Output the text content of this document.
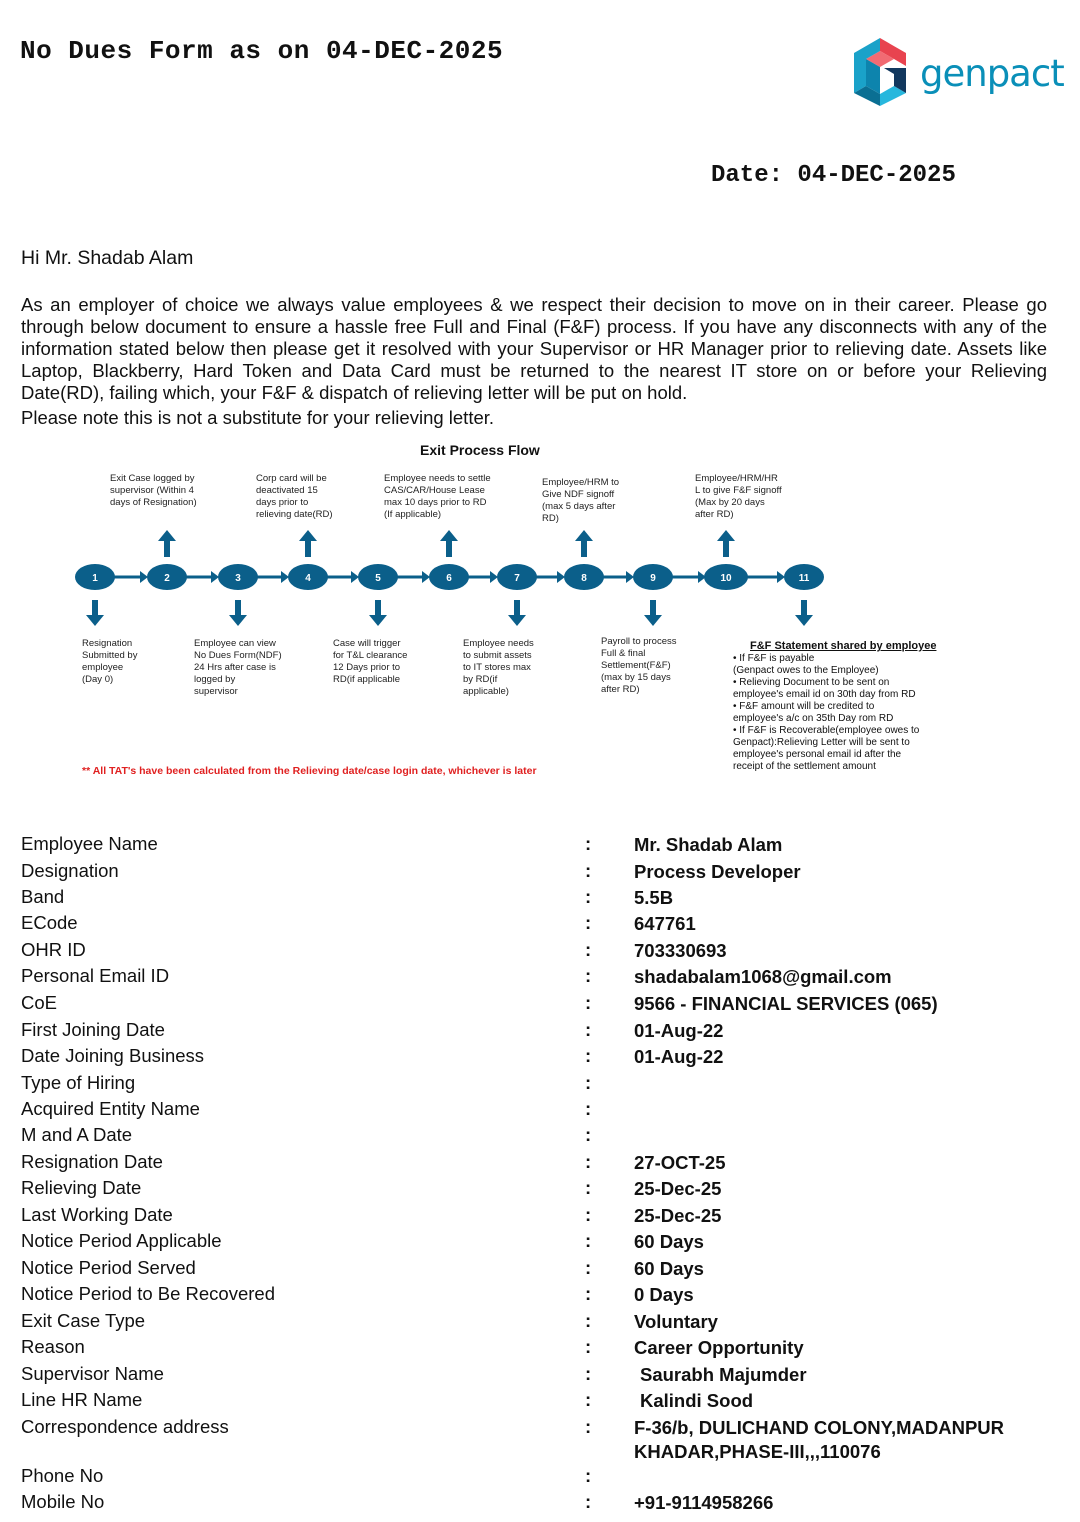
No Dues Form as on 04-DEC-2025
genpact
Date: 04-DEC-2025
Hi Mr. Shadab Alam
As an employer of choice we always value employees & we respect their decision to move on in their career. Please go through below document to ensure a hassle free Full and Final (F&F) process. If you have any disconnects with any of the information stated below then please get it resolved with your Supervisor or HR Manager prior to relieving date. Assets like Laptop, Blackberry, Hard Token and Data Card must be returned to the nearest IT store on or before your Relieving Date(RD), failing which, your F&F & dispatch of relieving letter will be put on hold.
Please note this is not a substitute for your relieving letter.
Exit Process Flow
1	2	3	4	5	6	7	8	9	10	11
Exit Case logged by
supervisor (Within 4
days of Resignation)
Corp card will be
deactivated 15
days prior to
relieving date(RD)
Employee needs to settle
CAS/CAR/House Lease
max 10 days prior to RD
(If applicable)
Employee/HRM to
Give NDF signoff
(max 5 days after
RD)
Employee/HRM/HR
L to give F&F signoff
(Max by 20 days
after RD)
Resignation
Submitted by
employee
(Day 0)
Employee can view
No Dues Form(NDF)
24 Hrs after case is
logged by
supervisor
Case will trigger
for T&L clearance
12 Days prior to
RD(if applicable
Employee needs
to submit assets
to IT stores max
by RD(if
applicable)
Payroll to process
Full & final
Settlement(F&F)
(max by 15 days
after RD)
F&F Statement shared by employee
• If F&F is payable
(Genpact owes to the Employee)
• Relieving Document to be sent on
employee's email id on 30th day from RD
• F&F amount will be credited to
employee's a/c on 35th Day rom RD
• If F&F is Recoverable(employee owes to
Genpact):Relieving Letter will be sent to
employee's personal email id after the
receipt of the settlement amount
** All TAT's have been calculated from the Relieving date/case login date, whichever is later
Employee Name	: Mr. Shadab Alam
Designation	: Process Developer
Band	: 5.5B
ECode	: 647761
OHR ID	: 703330693
Personal Email ID	: shadabalam1068@gmail.com
CoE	: 9566 - FINANCIAL SERVICES (065)
First Joining Date	: 01-Aug-22
Date Joining Business	: 01-Aug-22
Type of Hiring	:
Acquired Entity Name	:
M and A Date	:
Resignation Date	: 27-OCT-25
Relieving Date	: 25-Dec-25
Last Working Date	: 25-Dec-25
Notice Period Applicable	: 60 Days
Notice Period Served	: 60 Days
Notice Period to Be Recovered	: 0 Days
Exit Case Type	: Voluntary
Reason	: Career Opportunity
Supervisor Name	:	Saurabh Majumder
Line HR Name	:	Kalindi Sood
Correspondence address	: F-36/b, DULICHAND COLONY,MADANPUR
KHADAR,PHASE-III,,,110076
Phone No	:
Mobile No	: +91-9114958266
